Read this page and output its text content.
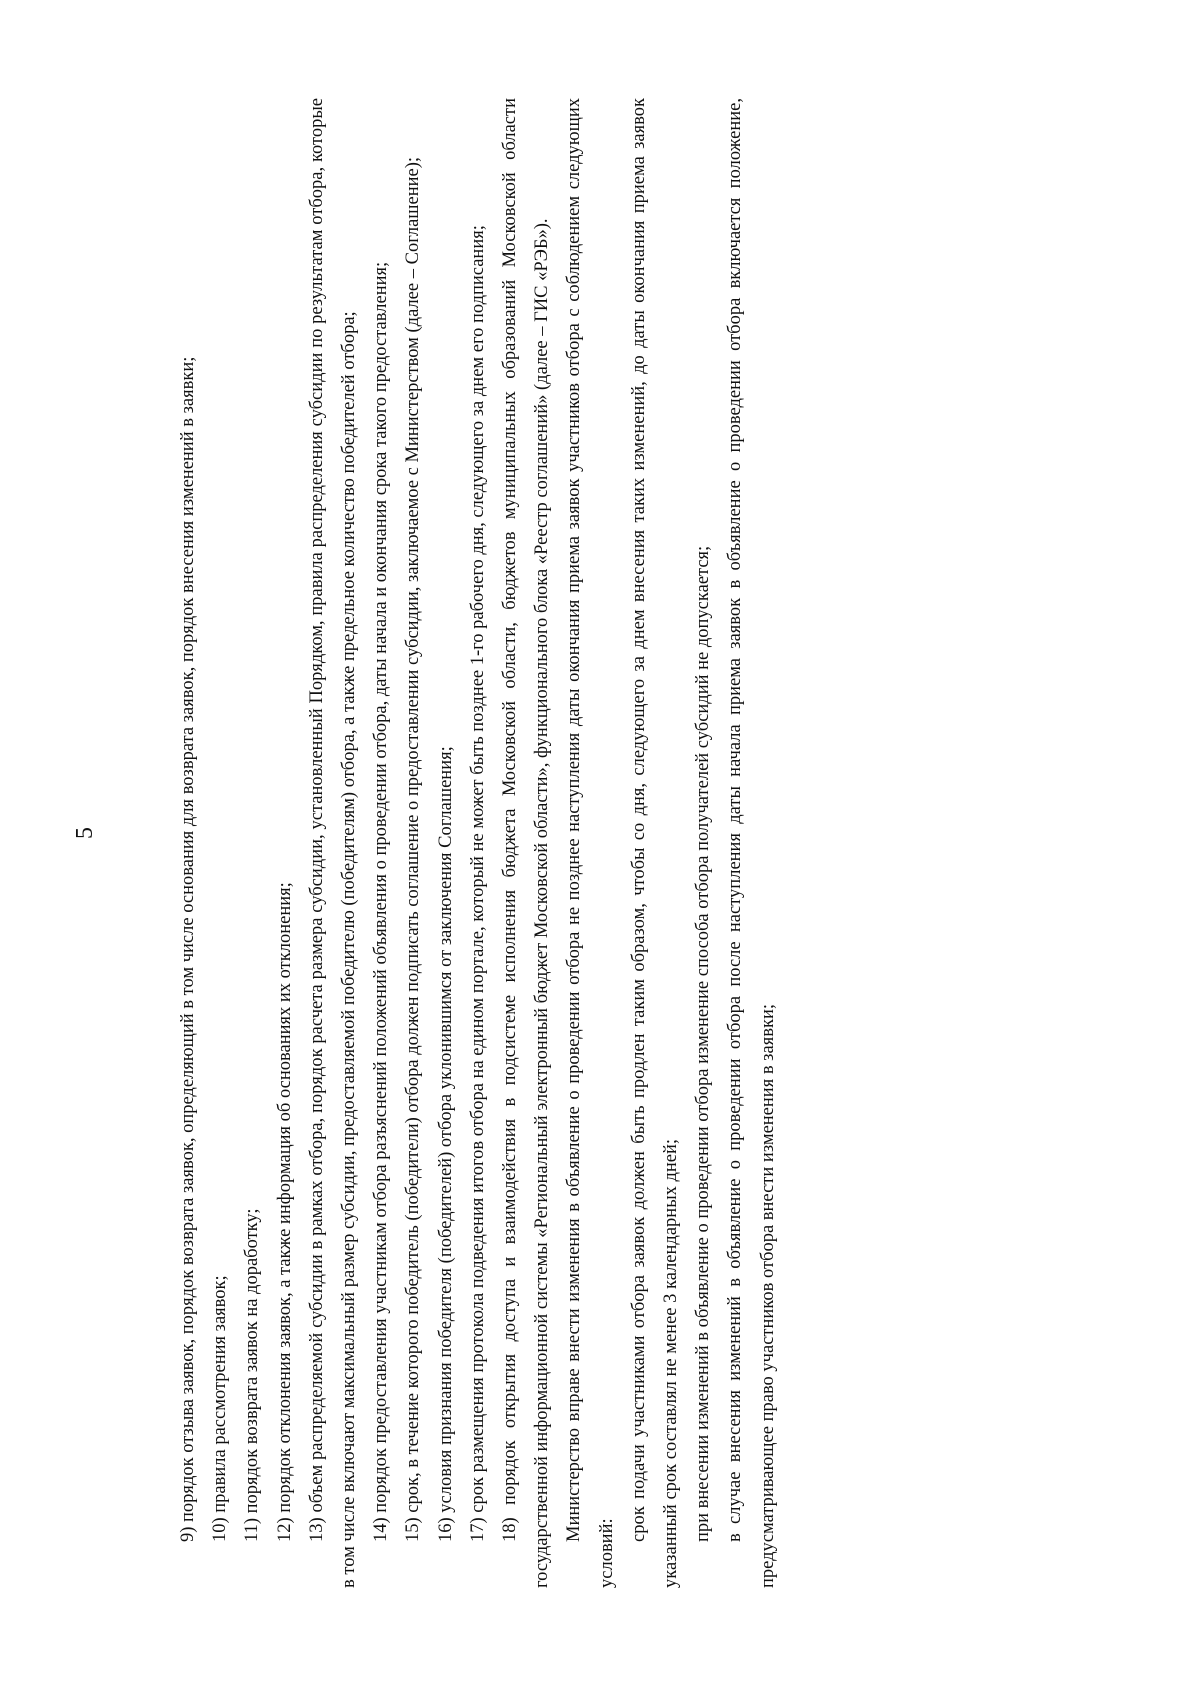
5	9) порядок отзыва заявок, порядок возврата заявок, определяющий в том числе основания для возврата заявок, порядок внесения изменений в заявки; 10) правила рассмотрения заявок; 11) порядок возврата заявок на доработку; 12) порядок отклонения заявок, а также информация об основаниях их отклонения; 13) объем распределяемой субсидии в рамках отбора, порядок расчета размера субсидии, установленный Порядком, правила распределения субсидии по результатам отбора, которые в том числе включают максимальный размер субсидии, предоставляемой победителю (победителям) отбора, а также предельное количество победителей отбора; 14) порядок предоставления участникам отбора разъяснений положений объявления о проведении отбора, даты начала и окончания срока такого предоставления; 15) срок, в течение которого победитель (победители) отбора должен подписать соглашение о предоставлении субсидии, заключаемое с Министерством (далее – Соглашение); 16) условия признания победителя (победителей) отбора уклонившимся от заключения Соглашения; 17) срок размещения протокола подведения итогов отбора на едином портале, который не может быть позднее 1-го рабочего дня, следующего за днем его подписания; 18) порядок открытия доступа и взаимодействия в подсистеме исполнения бюджета Московской области, бюджетов муниципальных образований Московской области государственной информационной системы «Региональный электронный бюджет Московской области», функционального блока «Реестр соглашений» (далее – ГИС «РЭБ»). Министерство вправе внести изменения в объявление о проведении отбора не позднее наступления даты окончания приема заявок участников отбора с соблюдением следующих условий:

срок подачи участниками отбора заявок должен быть продлен таким образом, чтобы со дня, следующего за днем внесения таких изменений, до даты окончания приема заявок указанный срок составлял не менее 3 календарных дней; при внесении изменений в объявление о проведении отбора изменение способа отбора получателей субсидий не допускается; в случае внесения изменений в объявление о проведении отбора после наступления даты начала приема заявок в объявление о проведении отбора включается положение, предусматривающее право участников отбора внести изменения в заявки;
